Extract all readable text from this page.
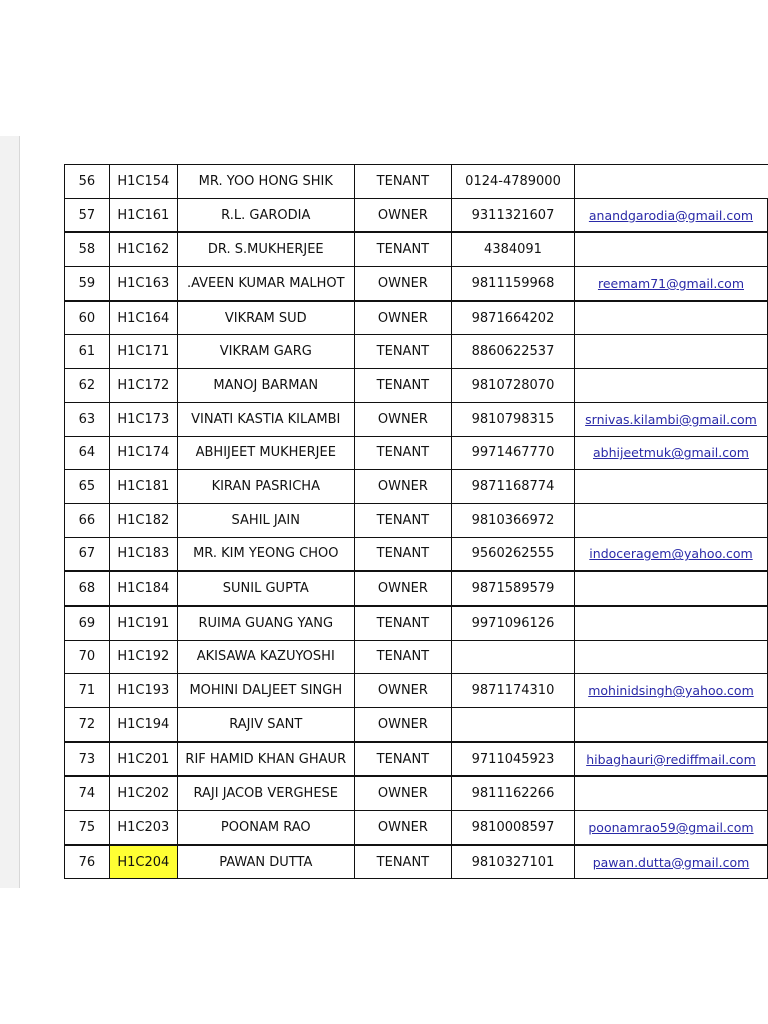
56	H1C154	MR. YOO HONG SHIK	TENANT	0124-4789000	
57	H1C161	R.L. GARODIA	OWNER	9311321607	anandgarodia@gmail.com
58	H1C162	DR. S.MUKHERJEE	TENANT	4384091	
59	H1C163	.AVEEN KUMAR MALHOT	OWNER	9811159968	reemam71@gmail.com
60	H1C164	VIKRAM SUD	OWNER	9871664202	
61	H1C171	VIKRAM GARG	TENANT	8860622537	
62	H1C172	MANOJ BARMAN	TENANT	9810728070	
63	H1C173	VINATI KASTIA KILAMBI	OWNER	9810798315	srnivas.kilambi@gmail.com
64	H1C174	ABHIJEET MUKHERJEE	TENANT	9971467770	abhijeetmuk@gmail.com
65	H1C181	KIRAN PASRICHA	OWNER	9871168774	
66	H1C182	SAHIL JAIN	TENANT	9810366972	
67	H1C183	MR. KIM YEONG CHOO	TENANT	9560262555	indoceragem@yahoo.com
68	H1C184	SUNIL GUPTA	OWNER	9871589579	
69	H1C191	RUIMA GUANG YANG	TENANT	9971096126	
70	H1C192	AKISAWA KAZUYOSHI	TENANT		
71	H1C193	MOHINI DALJEET SINGH	OWNER	9871174310	mohinidsingh@yahoo.com
72	H1C194	RAJIV SANT	OWNER		
73	H1C201	RIF HAMID KHAN GHAUR	TENANT	9711045923	hibaghauri@rediffmail.com
74	H1C202	RAJI JACOB VERGHESE	OWNER	9811162266	
75	H1C203	POONAM RAO	OWNER	9810008597	poonamrao59@gmail.com
76	H1C204	PAWAN DUTTA	TENANT	9810327101	pawan.dutta@gmail.com
